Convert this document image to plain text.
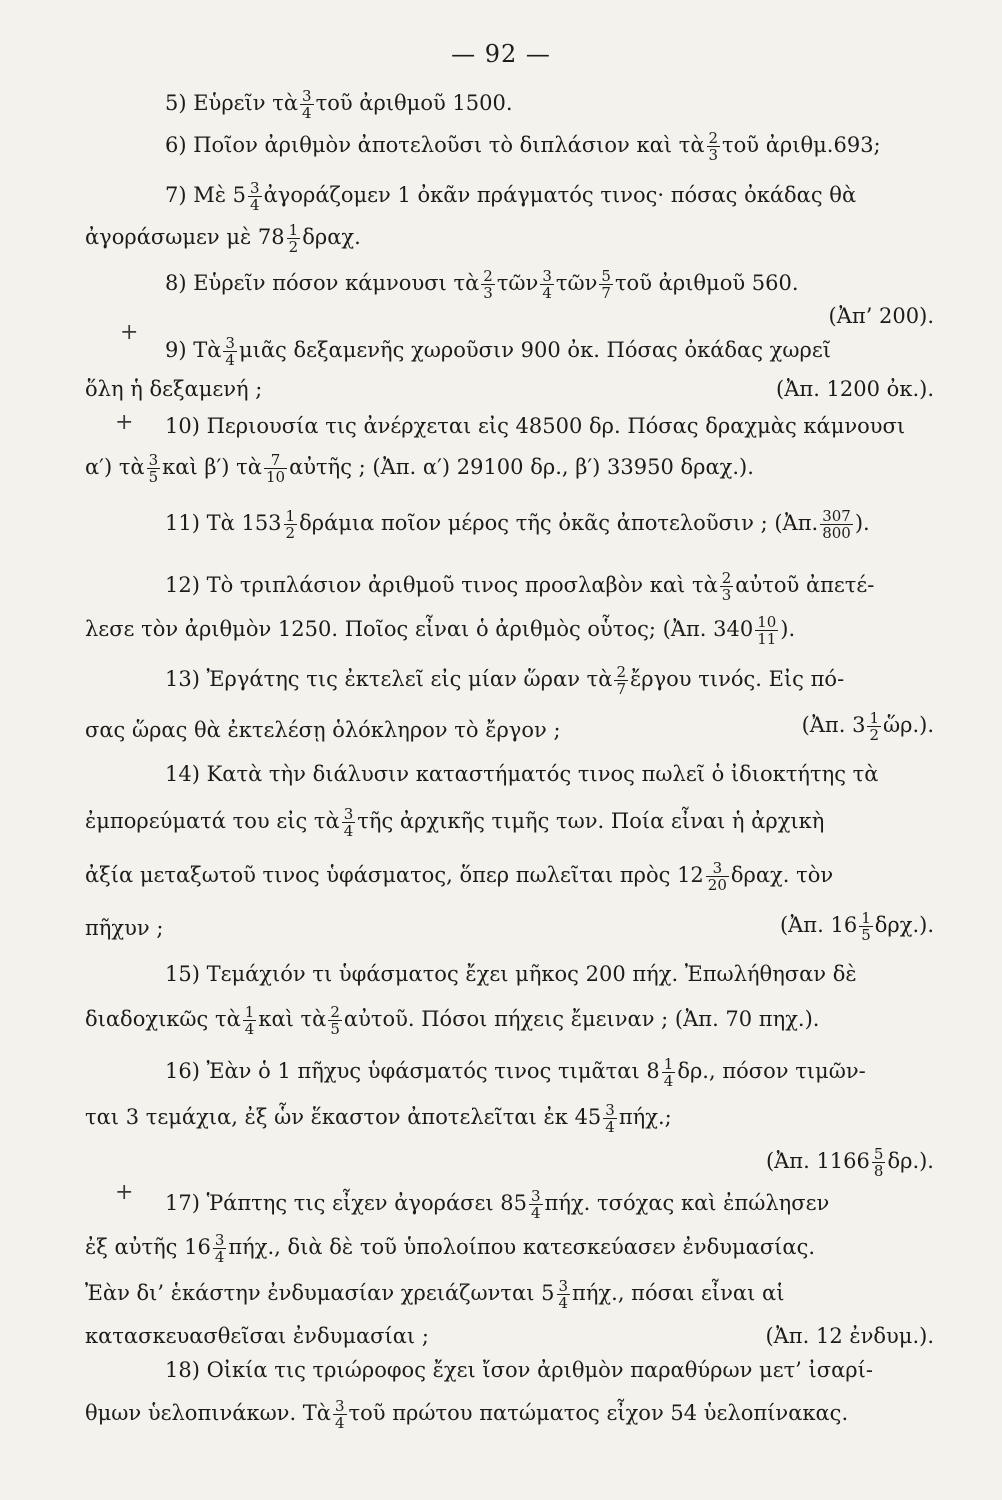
— 92 —
5) Εὑρεῖν τὰ $\frac{3}{4}$ τοῦ ἀριθμοῦ 1500.
6) Ποῖον ἀριθμὸν ἀποτελοῦσι τὸ διπλάσιον καὶ τὰ $\frac{2}{3}$ τοῦ ἀριθμ.693;
7) Μὲ $5 \frac{3}{4}$ ἀγοράζομεν 1 ὀκᾶν πράγματός τινος· πόσας ὀκάδας θὰ
ἀγοράσωμεν μὲ $78 \frac{1}{2} \delta\rho\alpha\chi$.
8) Εὑρεῖν πόσον κάμνουσι τὰ $\frac{2}{3}$ τῶν $\frac{3}{4}$ τῶν $\frac{5}{7}$ τοῦ ἀριθμοῦ 560.
(Ἀπ’ 200).
+
9) Τὰ $\frac{3}{4}$ μιᾶς δεξαμενῆς χωροῦσιν 900 ὀκ. Πόσας ὀκάδας χωρεῖ
ὅλη ἡ δεξαμενή ;	(Ἀπ. 1200 ὀκ.).
+ 10) Περιουσία τις ἀνέρχεται εἰς 48500 δρ. Πόσας δραχμὰς κάμνουσι
α′) τὰ $\frac{3}{5}$ καὶ β′) τὰ $\frac{7}{10}$ αὐτῆς ; (Ἀπ. α′) 29100 δρ., β′) 33950 δραχ.).
11) Τὰ $153 \frac{1}{2}$ δράμια ποῖον μέρος τῆς ὀκᾶς ἀποτελοῦσιν ; (Ἀπ. $\frac{307}{800}$ ).
12) Τὸ τριπλάσιον ἀριθμοῦ τινος προσλαβὸν καὶ τὰ $\frac{2}{3}$ αὐτοῦ ἀπετέ-
λεσε τὸν ἀριθμὸν 1250. Ποῖος εἶναι ὁ ἀριθμὸς οὗτος; (Ἀπ. $340 \frac{10}{11}$ ).
13) Ἐργάτης τις ἐκτελεῖ εἰς μίαν ὥραν τὰ $\frac{2}{7}$ ἔργου τινός. Εἰς πό-
σας ὥρας θὰ ἐκτελέσῃ ὁλόκληρον τὸ ἔργον ;	(Ἀπ. $3 \frac{1}{2}$ ὥρ.).
14) Κατὰ τὴν διάλυσιν καταστήματός τινος πωλεῖ ὁ ἰδιοκτήτης τὰ
ἐμπορεύματά του εἰς τὰ $\frac{3}{4}$ τῆς ἀρχικῆς τιμῆς των. Ποία εἶναι ἡ ἀρχικὴ
ἀξία μεταξωτοῦ τινος ὑφάσματος, ὅπερ πωλεῖται πρὸς $12 \frac{3}{20} \delta\rho\alpha\chi$. τὸν
πῆχυν ;	(Ἀπ. $16 \frac{1}{5} \delta\rho\chi$.).
15) Τεμάχιόν τι ὑφάσματος ἔχει μῆκος 200 πήχ. Ἐπωλήθησαν δὲ
διαδοχικῶς τὰ $\frac{1}{4}$ καὶ τὰ $\frac{2}{5}$ αὐτοῦ. Πόσοι πήχεις ἔμειναν ; (Ἀπ. 70 πηχ.).
16) Ἐὰν ὁ 1 πῆχυς ὑφάσματός τινος τιμᾶται $8 \frac{1}{4} \delta\rho$., πόσον τιμῶν-
ται 3 τεμάχια, ἐξ ὧν ἕκαστον ἀποτελεῖται ἐκ $45 \frac{3}{4} \pi ή\chi$.;
(Ἀπ. $1166 \frac{5}{8} \delta\rho$.).
+ 17) Ῥάπτης τις εἶχεν ἀγοράσει $85 \frac{3}{4} \pi ή\chi$. τσόχας καὶ ἐπώλησεν
ἐξ αὐτῆς $16 \frac{3}{4} \pi ή\chi$., διὰ δὲ τοῦ ὑπολοίπου κατεσκεύασεν ἐνδυμασίας.
Ἐὰν δι’ ἑκάστην ἐνδυμασίαν χρειάζωνται $5 \frac{3}{4} \pi ή\chi$., πόσαι εἶναι αἱ
κατασκευασθεῖσαι ἐνδυμασίαι ;	(Ἀπ. 12 ἐνδυμ.).
18) Οἰκία τις τριώροφος ἔχει ἴσον ἀριθμὸν παραθύρων μετ’ ἰσαρί-
θμων ὑελοπινάκων. Τὰ $\frac{3}{4}$ τοῦ πρώτου πατώματος εἶχον 54 ὑελοπίνακας.
